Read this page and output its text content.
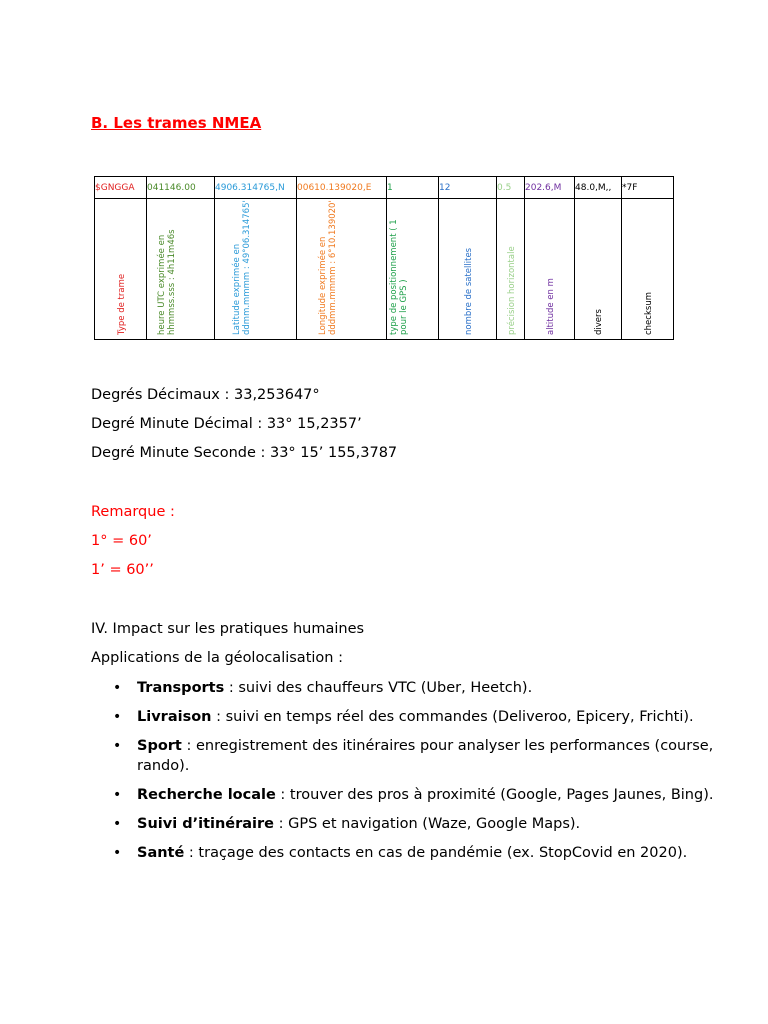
B. Les trames NMEA
$GNGGA	041146.00	4906.314765,N	00610.139020,E	1	12	0.5	202.6,M	48.0,M,,	*7F

Type de trame	heure UTC exprimée en hhmmss.sss : 4h11m46s	Latitude exprimée en ddmm.mmmm : 49°06.314765'	Longitude exprimée en dddmm.mmmm : 6°10.139020'	type de positionnement ( 1 pour le GPS )	nombre de satellites	précision horizontale	altitude en m	divers	checksum
Degrés Décimaux : 33,253647°
Degré Minute Décimal : 33° 15,2357’
Degré Minute Seconde : 33° 15’ 155,3787
Remarque :
1° = 60’
1’ = 60’’
IV. Impact sur les pratiques humaines
Applications de la géolocalisation :
• Transports : suivi des chauffeurs VTC (Uber, Heetch).
• Livraison : suivi en temps réel des commandes (Deliveroo, Epicery, Frichti).
• Sport : enregistrement des itinéraires pour analyser les performances (course, rando).
• Recherche locale : trouver des pros à proximité (Google, Pages Jaunes, Bing).
• Suivi d’itinéraire : GPS et navigation (Waze, Google Maps).
• Santé : traçage des contacts en cas de pandémie (ex. StopCovid en 2020).
